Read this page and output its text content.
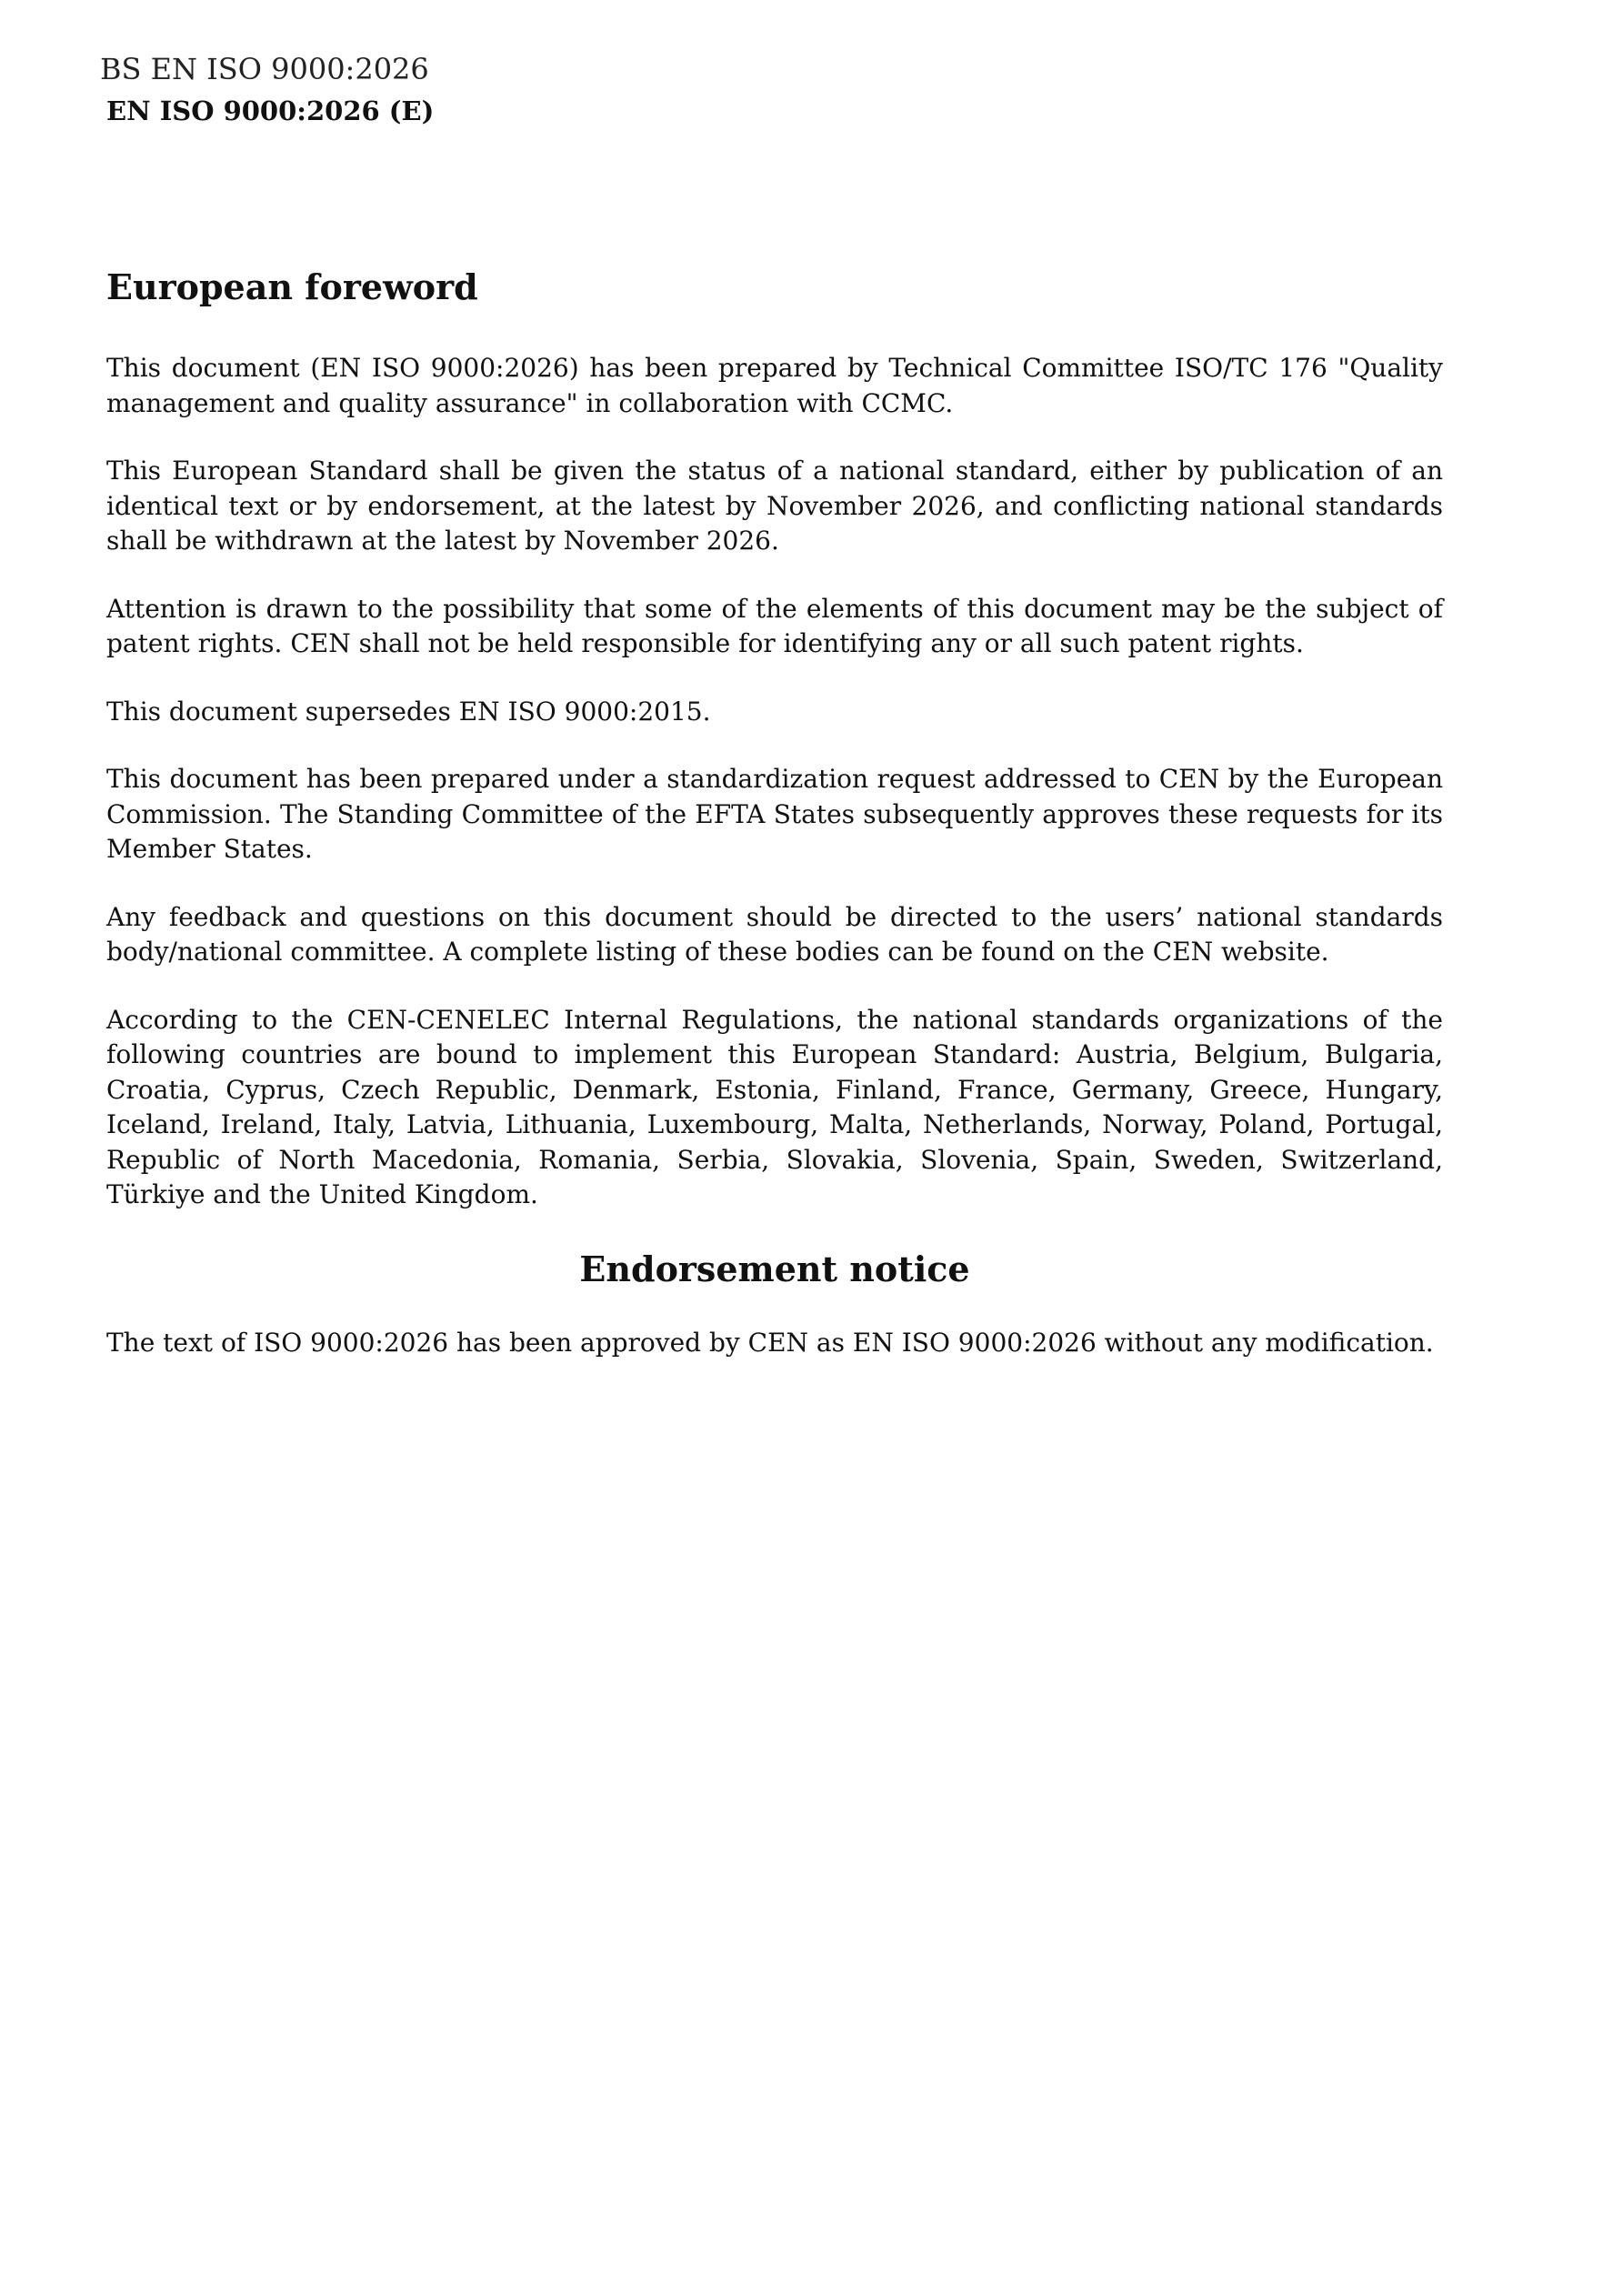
BS EN ISO 9000:2026
EN ISO 9000:2026 (E)
European foreword

This document (EN ISO 9000:2026) has been prepared by Technical Committee ISO/TC 176 "Quality management and quality assurance" in collaboration with CCMC.

This European Standard shall be given the status of a national standard, either by publication of an identical text or by endorsement, at the latest by November 2026, and conflicting national standards shall be withdrawn at the latest by November 2026.

Attention is drawn to the possibility that some of the elements of this document may be the subject of patent rights. CEN shall not be held responsible for identifying any or all such patent rights.

This document supersedes EN ISO 9000:2015.

This document has been prepared under a standardization request addressed to CEN by the European Commission. The Standing Committee of the EFTA States subsequently approves these requests for its Member States.

Any feedback and questions on this document should be directed to the users’ national standards body/national committee. A complete listing of these bodies can be found on the CEN website.

According to the CEN-CENELEC Internal Regulations, the national standards organizations of the following countries are bound to implement this European Standard: Austria, Belgium, Bulgaria, Croatia, Cyprus, Czech Republic, Denmark, Estonia, Finland, France, Germany, Greece, Hungary, Iceland, Ireland, Italy, Latvia, Lithuania, Luxembourg, Malta, Netherlands, Norway, Poland, Portugal, Republic of North Macedonia, Romania, Serbia, Slovakia, Slovenia, Spain, Sweden, Switzerland, Türkiye and the United Kingdom.

Endorsement notice

The text of ISO 9000:2026 has been approved by CEN as EN ISO 9000:2026 without any modification.
